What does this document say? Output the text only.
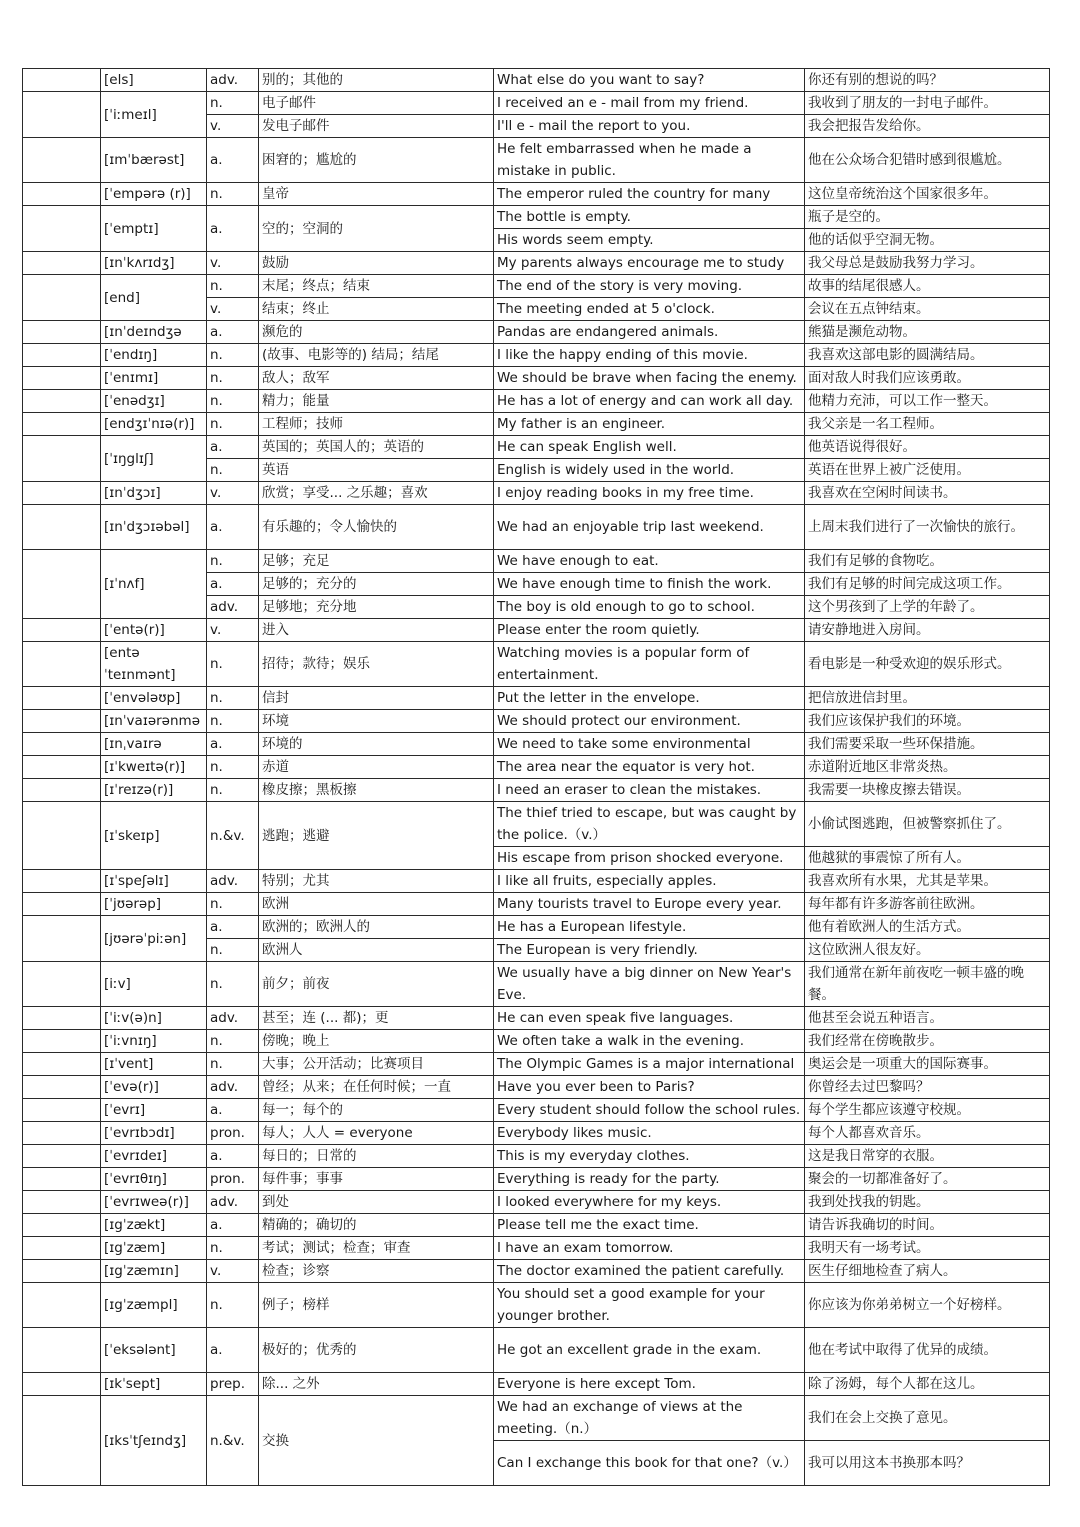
	[els]	adv.	别的；其他的	What else do you want to say?	你还有别的想说的吗？
	[ˈiːmeɪl]	n.	电子邮件	I received an e - mail from my friend.	我收到了朋友的一封电子邮件。
		v.	发电子邮件	I'll e - mail the report to you.	我会把报告发给你。
	[ɪmˈbærəst]	a.	困窘的；尴尬的	He felt embarrassed when he made a mistake in public.	他在公众场合犯错时感到很尴尬。
	[ˈempərə (r)]	n.	皇帝	The emperor ruled the country for many	这位皇帝统治这个国家很多年。
	[ˈemptɪ]	a.	空的；空洞的	The bottle is empty.	瓶子是空的。
				His words seem empty.	他的话似乎空洞无物。
	[ɪnˈkʌrɪdʒ]	v.	鼓励	My parents always encourage me to study	我父母总是鼓励我努力学习。
	[end]	n.	末尾；终点；结束	The end of the story is very moving.	故事的结尾很感人。
		v.	结束；终止	The meeting ended at 5 o'clock.	会议在五点钟结束。
	[ɪnˈdeɪndʒə	a.	濒危的	Pandas are endangered animals.	熊猫是濒危动物。
	[ˈendɪŋ]	n.	(故事、电影等的) 结局；结尾	I like the happy ending of this movie.	我喜欢这部电影的圆满结局。
	[ˈenɪmɪ]	n.	敌人；敌军	We should be brave when facing the enemy.	面对敌人时我们应该勇敢。
	[ˈenədʒɪ]	n.	精力；能量	He has a lot of energy and can work all day.	他精力充沛，可以工作一整天。
	[endʒɪˈnɪə(r)]	n.	工程师；技师	My father is an engineer.	我父亲是一名工程师。
	[ˈɪŋglɪʃ]	a.	英国的；英国人的；英语的	He can speak English well.	他英语说得很好。
		n.	英语	English is widely used in the world.	英语在世界上被广泛使用。
	[ɪnˈdʒɔɪ]	v.	欣赏；享受... 之乐趣；喜欢	I enjoy reading books in my free time.	我喜欢在空闲时间读书。
	[ɪnˈdʒɔɪəbəl]	a.	有乐趣的；令人愉快的	We had an enjoyable trip last weekend.	上周末我们进行了一次愉快的旅行。
	[ɪˈnʌf]	n.	足够；充足	We have enough to eat.	我们有足够的食物吃。
		a.	足够的；充分的	We have enough time to finish the work.	我们有足够的时间完成这项工作。
		adv.	足够地；充分地	The boy is old enough to go to school.	这个男孩到了上学的年龄了。
	[ˈentə(r)]	v.	进入	Please enter the room quietly.	请安静地进入房间。
	[entəˈteɪnmənt]	n.	招待；款待；娱乐	Watching movies is a popular form of entertainment.	看电影是一种受欢迎的娱乐形式。
	[ˈenvələʊp]	n.	信封	Put the letter in the envelope.	把信放进信封里。
	[ɪnˈvaɪərənmə	n.	环境	We should protect our environment.	我们应该保护我们的环境。
	[ɪnˌvaɪrə	a.	环境的	We need to take some environmental	我们需要采取一些环保措施。
	[ɪˈkweɪtə(r)]	n.	赤道	The area near the equator is very hot.	赤道附近地区非常炎热。
	[ɪˈreɪzə(r)]	n.	橡皮擦；黑板擦	I need an eraser to clean the mistakes.	我需要一块橡皮擦去错误。
	[ɪˈskeɪp]	n.&v.	逃跑；逃避	The thief tried to escape, but was caught by the police.（v.）	小偷试图逃跑，但被警察抓住了。
				His escape from prison shocked everyone.	他越狱的事震惊了所有人。
	[ɪˈspeʃəlɪ]	adv.	特别；尤其	I like all fruits, especially apples.	我喜欢所有水果，尤其是苹果。
	[ˈjʊərəp]	n.	欧洲	Many tourists travel to Europe every year.	每年都有许多游客前往欧洲。
	[jʊərəˈpiːən]	a.	欧洲的；欧洲人的	He has a European lifestyle.	他有着欧洲人的生活方式。
		n.	欧洲人	The European is very friendly.	这位欧洲人很友好。
	[iːv]	n.	前夕；前夜	We usually have a big dinner on New Year's Eve.	我们通常在新年前夜吃一顿丰盛的晚餐。
	[ˈiːv(ə)n]	adv.	甚至；连 (... 都)；更	He can even speak five languages.	他甚至会说五种语言。
	[ˈiːvnɪŋ]	n.	傍晚；晚上	We often take a walk in the evening.	我们经常在傍晚散步。
	[ɪˈvent]	n.	大事；公开活动；比赛项目	The Olympic Games is a major international	奥运会是一项重大的国际赛事。
	[ˈevə(r)]	adv.	曾经；从来；在任何时候；一直	Have you ever been to Paris?	你曾经去过巴黎吗？
	[ˈevrɪ]	a.	每一；每个的	Every student should follow the school rules.	每个学生都应该遵守校规。
	[ˈevrɪbɔdɪ]	pron.	每人；人人 = everyone	Everybody likes music.	每个人都喜欢音乐。
	[ˈevrɪdeɪ]	a.	每日的；日常的	This is my everyday clothes.	这是我日常穿的衣服。
	[ˈevrɪθɪŋ]	pron.	每件事；事事	Everything is ready for the party.	聚会的一切都准备好了。
	[ˈevrɪweə(r)]	adv.	到处	I looked everywhere for my keys.	我到处找我的钥匙。
	[ɪgˈzækt]	a.	精确的；确切的	Please tell me the exact time.	请告诉我确切的时间。
	[ɪgˈzæm]	n.	考试；测试；检查；审查	I have an exam tomorrow.	我明天有一场考试。
	[ɪgˈzæmɪn]	v.	检查；诊察	The doctor examined the patient carefully.	医生仔细地检查了病人。
	[ɪgˈzæmpl]	n.	例子；榜样	You should set a good example for your younger brother.	你应该为你弟弟树立一个好榜样。
	[ˈeksələnt]	a.	极好的；优秀的	He got an excellent grade in the exam.	他在考试中取得了优异的成绩。
	[ɪkˈsept]	prep.	除... 之外	Everyone is here except Tom.	除了汤姆，每个人都在这儿。
	[ɪksˈtʃeɪndʒ]	n.&v.	交换	We had an exchange of views at the meeting.（n.）	我们在会上交换了意见。
				Can I exchange this book for that one?（v.）	我可以用这本书换那本吗？
